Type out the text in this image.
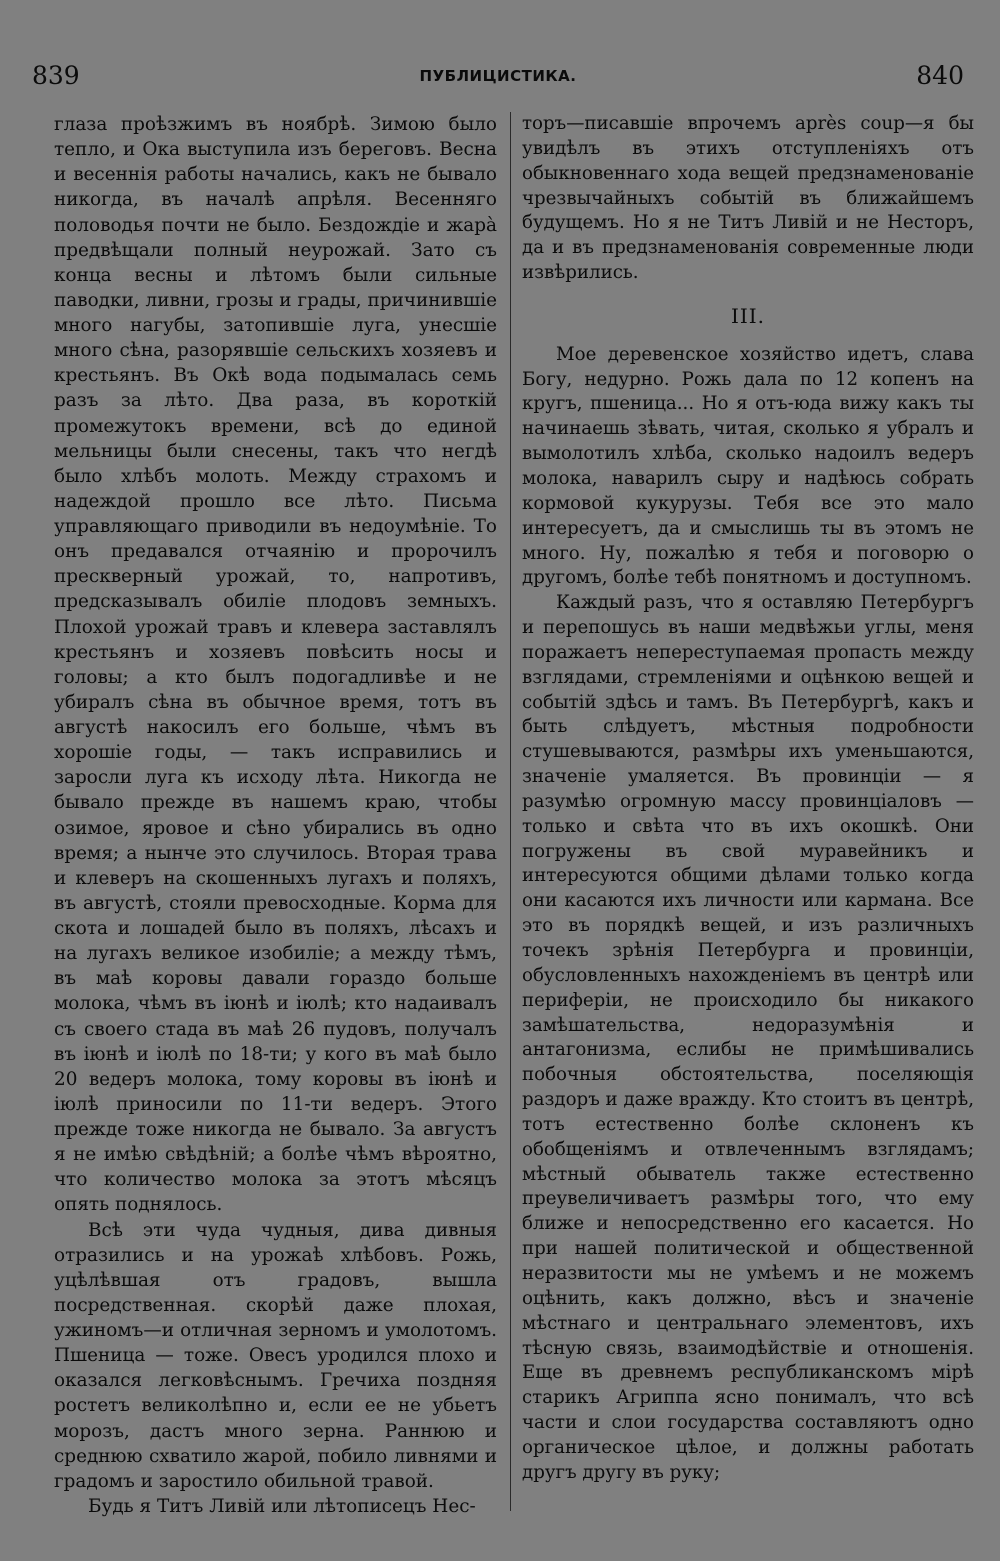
839	ПУБЛИЦИСТИКА.	840

глаза проѣзжимъ въ ноябрѣ. Зимою было тепло, и Ока выступила изъ береговъ. Весна и весеннія работы начались, какъ не бывало никогда, въ началѣ апрѣля. Весенняго половодья почти не было. Бездождіе и жарà предвѣщали полный неурожай. Зато съ конца весны и лѣтомъ были сильные паводки, ливни, грозы и грады, причинившіе много нагубы, затопившіе луга, унесшіе много сѣна, разорявшіе сельскихъ хозяевъ и крестьянъ. Въ Окѣ вода подымалась семь разъ за лѣто. Два раза, въ короткій промежутокъ времени, всѣ до единой мельницы были снесены, такъ что негдѣ было хлѣбъ молоть. Между страхомъ и надеждой прошло все лѣто. Письма управляющаго приводили въ недоумѣніе. То онъ предавался отчаянію и пророчилъ прескверный урожай, то, напротивъ, предсказывалъ обиліе плодовъ земныхъ. Плохой урожай травъ и клевера заставлялъ крестьянъ и хозяевъ повѣсить носы и головы; а кто былъ подогадливѣе и не убиралъ сѣна въ обычное время, тотъ въ августѣ накосилъ его больше, чѣмъ въ хорошіе годы, — такъ исправились и заросли луга къ исходу лѣта. Никогда не бывало прежде въ нашемъ краю, чтобы озимое, яровое и сѣно убирались въ одно время; а нынче это случилось. Вторая трава и клеверъ на скошенныхъ лугахъ и поляхъ, въ августѣ, стояли превосходные. Корма для скота и лошадей было въ поляхъ, лѣсахъ и на лугахъ великое изобиліе; а между тѣмъ, въ маѣ коровы давали гораздо больше молока, чѣмъ въ іюнѣ и іюлѣ; кто надаивалъ съ своего стада въ маѣ 26 пудовъ, получалъ въ іюнѣ и іюлѣ по 18-ти; у кого въ маѣ было 20 ведеръ молока, тому коровы въ іюнѣ и іюлѣ приносили по 11-ти ведеръ. Этого прежде тоже никогда не бывало. За августъ я не имѣю свѣдѣній; а болѣе чѣмъ вѣроятно, что количество молока за этотъ мѣсяцъ опять поднялось.

Всѣ эти чуда чудныя, дива дивныя отразились и на урожаѣ хлѣбовъ. Рожь, уцѣлѣвшая отъ градовъ, вышла посредственная. скорѣй даже плохая, ужиномъ—и отличная зерномъ и умолотомъ. Пшеница — тоже. Овесъ уродился плохо и оказался легковѣснымъ. Гречиха поздняя ростетъ великолѣпно и, если ее не убьетъ морозъ, дастъ много зерна. Раннюю и среднюю схватило жарой, побило ливнями и градомъ и заростило обильной травой.

Будь я Титъ Ливій или лѣтописецъ Нес-

торъ—писавшіе впрочемъ après coup—я бы увидѣлъ въ этихъ отступленіяхъ отъ обыкновеннаго хода вещей предзнаменованіе чрезвычайныхъ событій въ ближайшемъ будущемъ. Но я не Титъ Ливій и не Несторъ, да и въ предзнаменованія современные люди извѣрились.

III.

Мое деревенское хозяйство идетъ, слава Богу, недурно. Рожь дала по 12 копенъ на кругъ, пшеница... Но я отъ-юда вижу какъ ты начинаешь зѣвать, читая, сколько я убралъ и вымолотилъ хлѣба, сколько надоилъ ведеръ молока, наварилъ сыру и надѣюсь собрать кормовой кукурузы. Тебя все это мало интересуетъ, да и смыслишь ты въ этомъ не много. Ну, пожалѣю я тебя и поговорю о другомъ, болѣе тебѣ понятномъ и доступномъ.

Каждый разъ, что я оставляю Петербургъ и перепошусь въ наши медвѣжьи углы, меня поражаетъ непереступаемая пропасть между взглядами, стремленіями и оцѣнкою вещей и событій здѣсь и тамъ. Въ Петербургѣ, какъ и быть слѣдуетъ, мѣстныя подробности стушевываются, размѣры ихъ уменьшаются, значеніе умаляется. Въ провинціи — я разумѣю огромную массу провинціаловъ — только и свѣта что въ ихъ окошкѣ. Они погружены въ свой муравейникъ и интересуются общими дѣлами только когда они касаются ихъ личности или кармана. Все это въ порядкѣ вещей, и изъ различныхъ точекъ зрѣнія Петербурга и провинціи, обусловленныхъ нахожденіемъ въ центрѣ или периферіи, не происходило бы никакого замѣшательства, недоразумѣнія и антагонизма, еслибы не примѣшивались побочныя обстоятельства, поселяющія раздоръ и даже вражду. Кто стоитъ въ центрѣ, тотъ естественно болѣе склоненъ къ обобщеніямъ и отвлеченнымъ взглядамъ; мѣстный обыватель также естественно преувеличиваетъ размѣры того, что ему ближе и непосредственно его касается. Но при нашей политической и общественной неразвитости мы не умѣемъ и не можемъ оцѣнить, какъ должно, вѣсъ и значеніе мѣстнаго и центральнаго элементовъ, ихъ тѣсную связь, взаимодѣйствіе и отношенія. Еще въ древнемъ республиканскомъ мірѣ старикъ Агриппа ясно понималъ, что всѣ части и слои государства составляютъ одно органическое цѣлое, и должны работать другъ другу въ руку;
